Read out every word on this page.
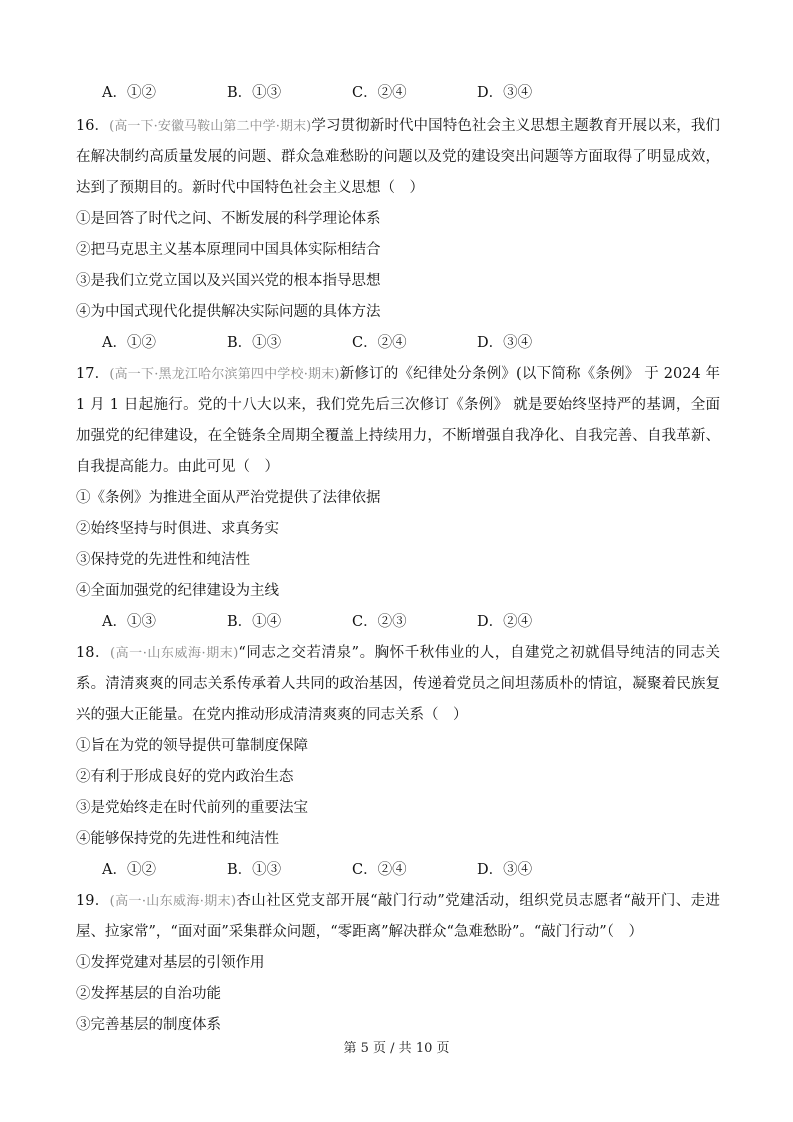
A．①②	B．①③	C．②④	D．③④
16．(高一下·安徽马鞍山第二中学·期末)学习贯彻新时代中国特色社会主义思想主题教育开展以来，我们在解决制约高质量发展的问题、群众急难愁盼的问题以及党的建设突出问题等方面取得了明显成效，达到了预期目的。新时代中国特色社会主义思想（　）
①是回答了时代之问、不断发展的科学理论体系
②把马克思主义基本原理同中国具体实际相结合
③是我们立党立国以及兴国兴党的根本指导思想
④为中国式现代化提供解决实际问题的具体方法
A．①②	B．①③	C．②④	D．③④
17．(高一下·黑龙江哈尔滨第四中学校·期末)新修订的《纪律处分条例》(以下简称《条例》 于 2024 年 1 月 1 日起施行。党的十八大以来，我们党先后三次修订《条例》 就是要始终坚持严的基调，全面加强党的纪律建设，在全链条全周期全覆盖上持续用力，不断增强自我净化、自我完善、自我革新、自我提高能力。由此可见（　）
①《条例》为推进全面从严治党提供了法律依据
②始终坚持与时俱进、求真务实
③保持党的先进性和纯洁性
④全面加强党的纪律建设为主线
A．①③	B．①④	C．②③	D．②④
18．(高一·山东威海·期末)“同志之交若清泉”。胸怀千秋伟业的人，自建党之初就倡导纯洁的同志关系。清清爽爽的同志关系传承着人共同的政治基因，传递着党员之间坦荡质朴的情谊，凝聚着民族复兴的强大正能量。在党内推动形成清清爽爽的同志关系（　）
①旨在为党的领导提供可靠制度保障
②有利于形成良好的党内政治生态
③是党始终走在时代前列的重要法宝
④能够保持党的先进性和纯洁性
A．①②	B．①③	C．②④	D．③④
19．(高一·山东威海·期末)杏山社区党支部开展“敲门行动”党建活动，组织党员志愿者“敲开门、走进屋、拉家常”，“面对面”采集群众问题，“零距离”解决群众“急难愁盼”。“敲门行动”（　）
①发挥党建对基层的引领作用
②发挥基层的自治功能
③完善基层的制度体系
第 5 页 / 共 10 页
